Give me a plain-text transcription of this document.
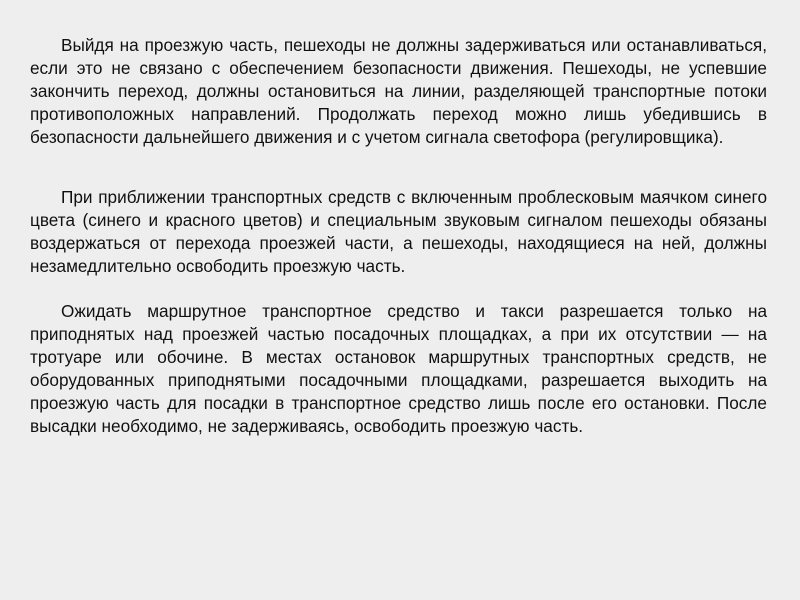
Выйдя на проезжую часть, пешеходы не должны задерживаться или останавливаться, если это не связано с обеспечением безопасности движения. Пешеходы, не успевшие закончить переход, должны остановиться на линии, разделяющей транспортные потоки противоположных направлений. Продолжать переход можно лишь убедившись в безопасности дальнейшего движения и с учетом сигнала светофора (регулировщика).

При приближении транспортных средств с включенным проблесковым маячком синего цвета (синего и красного цветов) и специальным звуковым сигналом пешеходы обязаны воздержаться от перехода проезжей части, а пешеходы, находящиеся на ней, должны незамедлительно освободить проезжую часть.

Ожидать маршрутное транспортное средство и такси разрешается только на приподнятых над проезжей частью посадочных площадках, а при их отсутствии — на тротуаре или обочине. В местах остановок маршрутных транспортных средств, не оборудованных приподнятыми посадочными площадками, разрешается выходить на проезжую часть для посадки в транспортное средство лишь после его остановки. После высадки необходимо, не задерживаясь, освободить проезжую часть.
